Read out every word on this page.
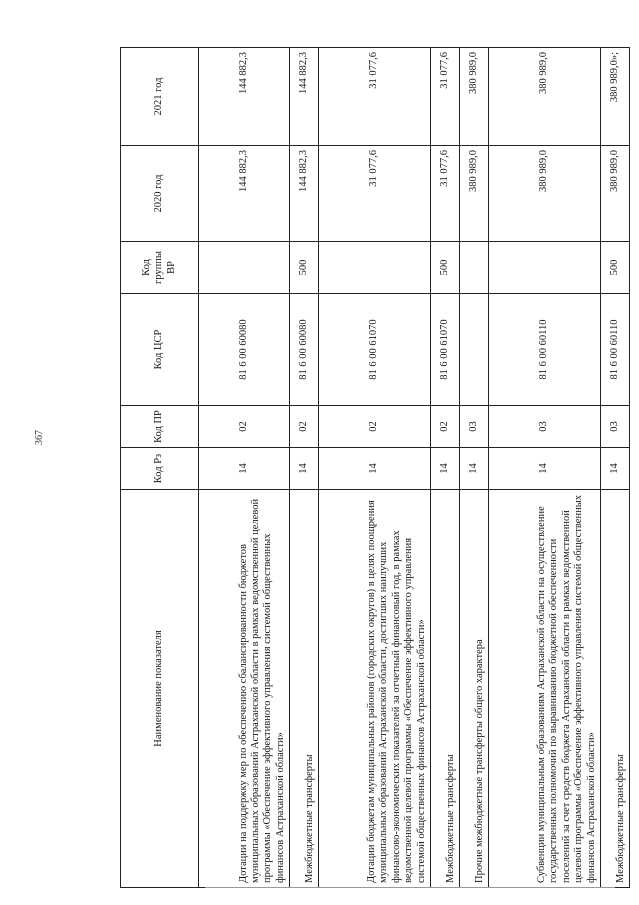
367
Наименование показателя	Код Рз	Код ПР	Код ЦСР	Код группы ВР	2020 год	2021 год
Дотации на поддержку мер по обеспечению сбалансированности бюджетов муниципальных образований Астраханской области в рамках ведомственной целевой программы «Обеспечение эффективного управления системой общественных финансов Астраханской области»	14	02	81 6 00 60080		144 882,3	144 882,3
Межбюджетные трансферты	14	02	81 6 00 60080	500	144 882,3	144 882,3
Дотации бюджетам муниципальных районов (городских округов) в целях поощрения муниципальных образований Астраханской области, достигших наилучших финансово-экономических показателей за отчетный финансовый год, в рамках ведомственной целевой программы «Обеспечение эффективного управления системой общественных финансов Астраханской области»	14	02	81 6 00 61070		31 077,6	31 077,6
Межбюджетные трансферты	14	02	81 6 00 61070	500	31 077,6	31 077,6
Прочие межбюджетные трансферты общего характера	14	03			380 989,0	380 989,0
Субвенции муниципальным образованиям Астраханской области на осуществление государственных полномочий по выравниванию бюджетной обеспеченности поселений за счет средств бюджета Астраханской области в рамках ведомственной целевой программы «Обеспечение эффективного управления системой общественных финансов Астраханской области»	14	03	81 6 00 60110		380 989,0	380 989,0
Межбюджетные трансферты	14	03	81 6 00 60110	500	380 989,0	380 989,0»;
